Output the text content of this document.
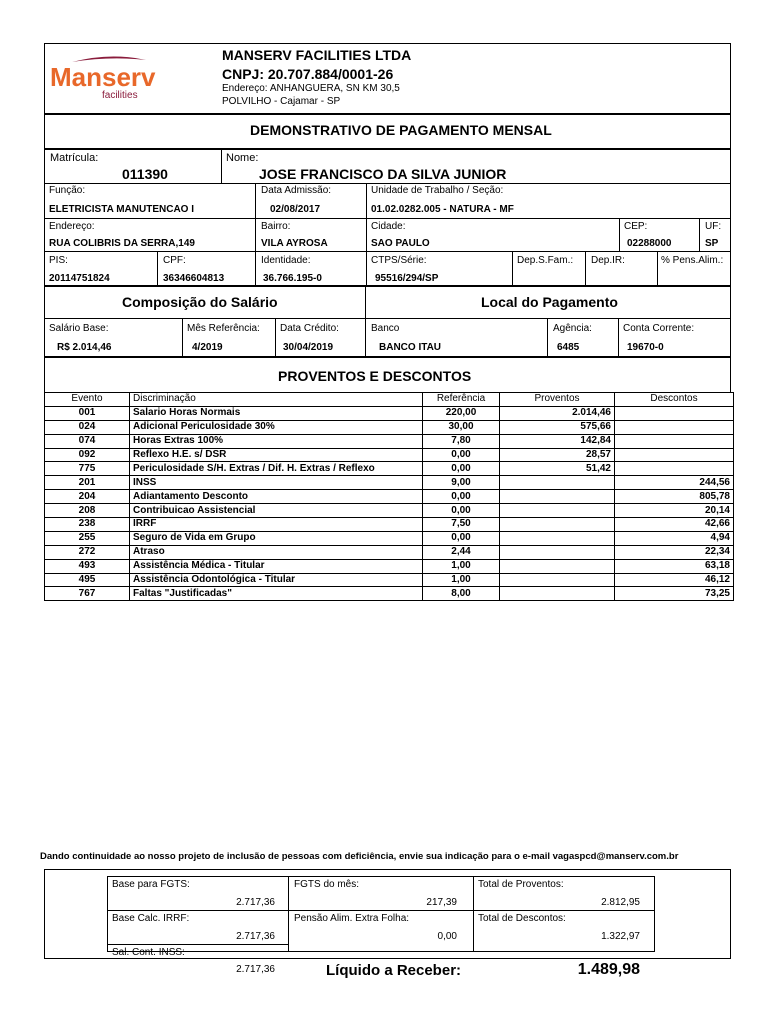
Manserv
facilities
MANSERV FACILITIES LTDA
CNPJ: 20.707.884/0001-26
Endereço: ANHANGUERA, SN KM 30,5
POLVILHO - Cajamar - SP
DEMONSTRATIVO DE PAGAMENTO MENSAL
Matrícula:
011390
Nome:
JOSE FRANCISCO DA SILVA JUNIOR
Função:
ELETRICISTA MANUTENCAO I
Data Admissão:
02/08/2017
Unidade de Trabalho / Seção:
01.02.0282.005 - NATURA - MF
Endereço:
RUA COLIBRIS DA SERRA,149
Bairro:
VILA AYROSA
Cidade:
SAO PAULO
CEP:
02288000
UF:
SP
PIS:
20114751824
CPF:
36346604813
Identidade:
36.766.195-0
CTPS/Série:
95516/294/SP
Dep.S.Fam.: Dep.IR:	% Pens.Alim.:
Composição do Salário	Local do Pagamento
Salário Base:
R$ 2.014,46
Mês Referência:
4/2019
Data Crédito:
30/04/2019
Banco
BANCO ITAU
Agência:
6485
Conta Corrente:
19670-0
PROVENTOS E DESCONTOS
Evento	Discriminação	Referência	Proventos	Descontos
001	Salario Horas Normais	220,00	2.014,46	
024	Adicional Periculosidade 30%	30,00	575,66	
074	Horas Extras 100%	7,80	142,84	
092	Reflexo H.E. s/ DSR	0,00	28,57	
775	Periculosidade S/H. Extras / Dif. H. Extras / Reflexo	0,00	51,42	
201	INSS	9,00		244,56
204	Adiantamento Desconto	0,00		805,78
208	Contribuicao Assistencial	0,00		20,14
238	IRRF	7,50		42,66
255	Seguro de Vida em Grupo	0,00		4,94
272	Atraso	2,44		22,34
493	Assistência Médica - Titular	1,00		63,18
495	Assistência Odontológica - Titular	1,00		46,12
767	Faltas "Justificadas"	8,00		73,25
Dando continuidade ao nosso projeto de inclusão de pessoas com deficiência, envie sua indicação para o e-mail vagaspcd@manserv.com.br
Base para FGTS:
2.717,36
FGTS do mês:
217,39
Total de Proventos:
2.812,95
Base Calc. IRRF:
2.717,36
Pensão Alim. Extra Folha:
0,00
Total de Descontos:
1.322,97
Sal. Cont. INSS:
2.717,36	Líquido a Receber:	1.489,98
